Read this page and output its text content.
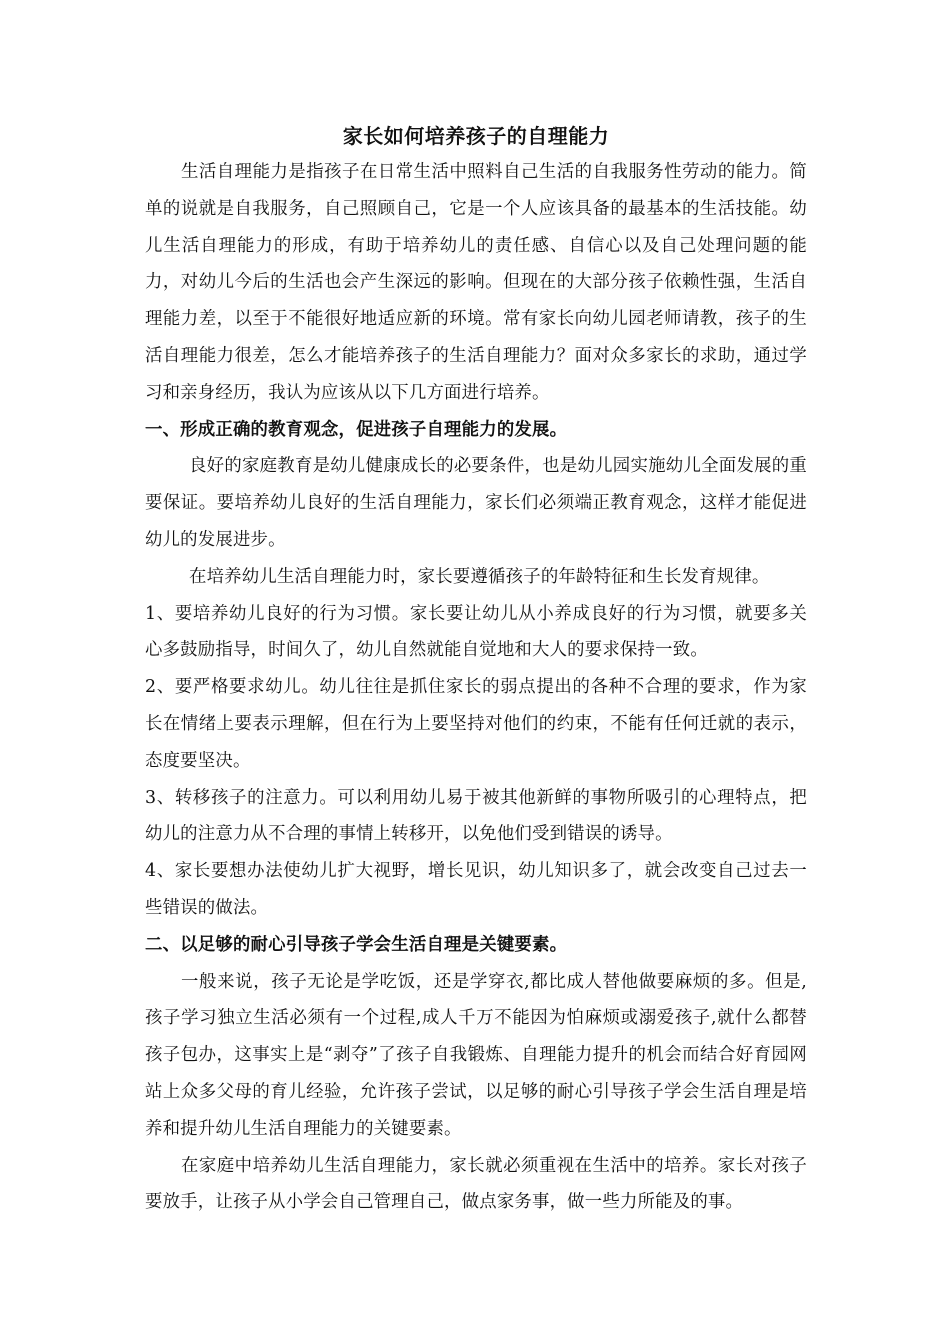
家长如何培养孩子的自理能力

生活自理能力是指孩子在日常生活中照料自己生活的自我服务性劳动的能力。简单的说就是自我服务，自己照顾自己，它是一个人应该具备的最基本的生活技能。幼儿生活自理能力的形成，有助于培养幼儿的责任感、自信心以及自己处理问题的能力，对幼儿今后的生活也会产生深远的影响。但现在的大部分孩子依赖性强，生活自理能力差，以至于不能很好地适应新的环境。常有家长向幼儿园老师请教，孩子的生活自理能力很差，怎么才能培养孩子的生活自理能力？面对众多家长的求助，通过学习和亲身经历，我认为应该从以下几方面进行培养。

一、形成正确的教育观念，促进孩子自理能力的发展。

良好的家庭教育是幼儿健康成长的必要条件，也是幼儿园实施幼儿全面发展的重要保证。要培养幼儿良好的生活自理能力，家长们必须端正教育观念，这样才能促进幼儿的发展进步。

在培养幼儿生活自理能力时，家长要遵循孩子的年龄特征和生长发育规律。

1、要培养幼儿良好的行为习惯。家长要让幼儿从小养成良好的行为习惯，就要多关心多鼓励指导，时间久了，幼儿自然就能自觉地和大人的要求保持一致。

2、要严格要求幼儿。幼儿往往是抓住家长的弱点提出的各种不合理的要求，作为家长在情绪上要表示理解，但在行为上要坚持对他们的约束，不能有任何迁就的表示，态度要坚决。

3、转移孩子的注意力。可以利用幼儿易于被其他新鲜的事物所吸引的心理特点，把幼儿的注意力从不合理的事情上转移开，以免他们受到错误的诱导。

4、家长要想办法使幼儿扩大视野，增长见识，幼儿知识多了，就会改变自己过去一些错误的做法。

二、以足够的耐心引导孩子学会生活自理是关键要素。

一般来说，孩子无论是学吃饭，还是学穿衣,都比成人替他做要麻烦的多。但是,孩子学习独立生活必须有一个过程,成人千万不能因为怕麻烦或溺爱孩子,就什么都替孩子包办，这事实上是“剥夺”了孩子自我锻炼、自理能力提升的机会而结合好育园网站上众多父母的育儿经验，允许孩子尝试，以足够的耐心引导孩子学会生活自理是培养和提升幼儿生活自理能力的关键要素。

在家庭中培养幼儿生活自理能力，家长就必须重视在生活中的培养。家长对孩子要放手，让孩子从小学会自己管理自己，做点家务事，做一些力所能及的事。
